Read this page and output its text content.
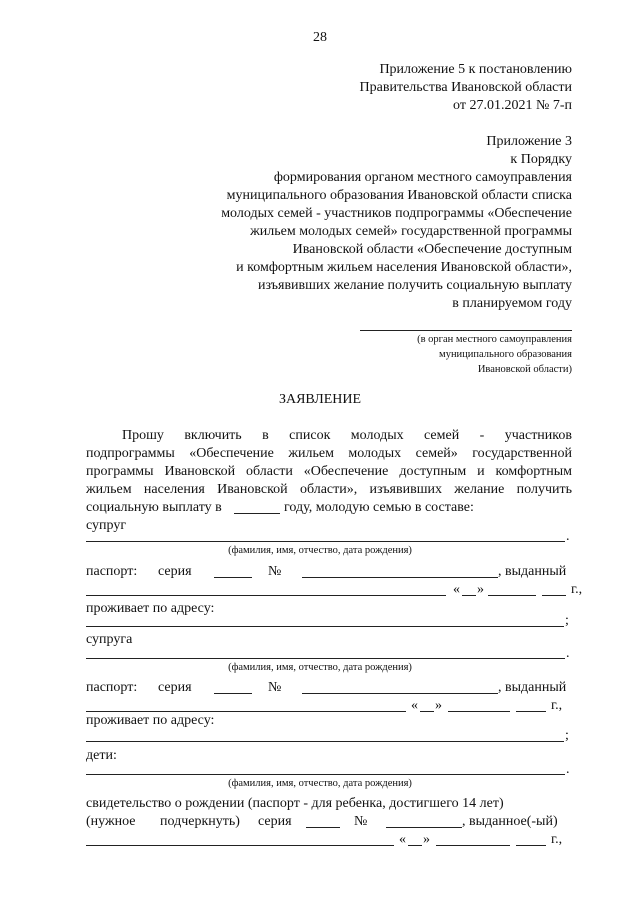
28
Приложение 5 к постановлению
Правительства Ивановской области
от 27.01.2021 № 7-п
Приложение 3
к Порядку
формирования органом местного самоуправления
муниципального образования Ивановской области списка
молодых семей - участников подпрограммы «Обеспечение
жильем молодых семей» государственной программы
Ивановской области «Обеспечение доступным
и комфортным жильем населения Ивановской области»,
изъявивших желание получить социальную выплату
в планируемом году
(в орган местного самоуправления
муниципального образования
Ивановской области)
ЗАЯВЛЕНИЕ
Прошу включить в список молодых семей - участников
подпрограммы «Обеспечение жильем молодых семей» государственной
программы Ивановской области «Обеспечение доступным и комфортным
жильем населения Ивановской области», изъявивших желание получить
социальную выплату в	году, молодую семью в составе:
супруг
.
(фамилия, имя, отчество, дата рождения)
паспорт: серия	№	, выданный
« »	г.,
проживает по адресу:
;
супруга
.
(фамилия, имя, отчество, дата рождения)
паспорт: серия	№	, выданный
« »	г.,
проживает по адресу:
;
дети:
.
(фамилия, имя, отчество, дата рождения)
свидетельство о рождении (паспорт - для ребенка, достигшего 14 лет)
(нужное подчеркнуть) серия	№	, выданное(-ый)
« »	г.,
